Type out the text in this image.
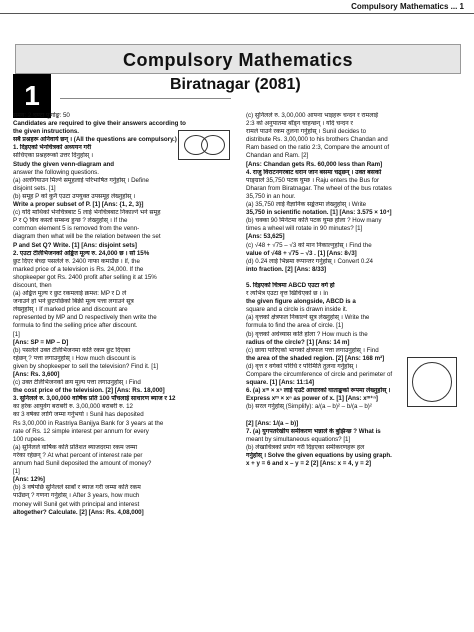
Compulsory Mathematics ... 1
Compulsory Mathematics
1	Biratnagar (2081)
समय: 2 घण्टा पूर्णाङ्क: 50
Candidates are required to give their answers according to
the given instructions.
सबै प्रश्नहरू अनिवार्य छन् । (All the questions are compulsory.)
1. दिइएको भेनचित्रको अध्ययन गरी
सोधिएका प्रश्नहरूको उत्तर दिनुहोस् ।
Study the given venn-diagram and
answer the following questions.
(a) अलगियाउन मिल्ने समूहलाई परिभाषित गर्नुहोस् । Define
disjoint sets. [1]
(b) समूह P को कुनै एउटा उपयुक्त उपसमूह लेख्नुहोस् ।
Write a proper subset of P. [1] [Ans: {1, 2, 3}]
(c) यदि माथिको भेनचित्रबाट 5 लाई भेनचित्रबाट निकाल्ने भने समूह
P र Q बिच कस्तो सम्बन्ध हुन्छ ? लेख्नुहोस् । If the
common element 5 is removed from the venn-
diagram then what will be the relation between the set
P and Set Q? Write. [1] [Ans: disjoint sets]
2. एउटा टेलिभिजनको अङ्कित मूल्य रु. 24,000 छ । सो 15%
छुट दिएर बेच्दा पसलेले रु. 2400 नाफा कमाउँछ । If, the
marked price of a television is Rs. 24,000. If the
shopkeeper got Rs. 2400 profit after selling it at 15%
discount, then
(a) अङ्कित मूल्य र छुट रकमलाई क्रमश: MP र D ले
जनाउने हो भने छुटपछिको बिक्री मूल्य पत्ता लगाउने सूत्र
लेख्नुहोस् । If marked price and discount are
represented by MP and D respectively then write the
formula to find the selling price after discount.
[1]
[Ans: SP = MP – D]
(b) पसलेले उक्त टेलिभिजनमा कति रकम छुट दिएका
रहेछन् ? पत्ता लगाउनुहोस् । How much discount is
given by shopkeeper to sell the television? Find it. [1]
[Ans: Rs. 3,600]
(c) उक्त टेलिभिजनको क्रय मूल्य पत्ता लगाउनुहोस् । Find
the cost price of the television. [2] [Ans: Rs. 18,000]
3. सुनिलले रु. 3,00,000 वार्षिक प्रति 100 पाँचलाई साधारण ब्याज र 12
का हरेक आयुर्वेग बराबरी रु. 3,00,000 बराबरी रु. 12
का 3 वर्षका लागि जम्मा गर्नुभयो । Sunil has deposited
Rs 3,00,000 in Rastriya Banijya Bank for 3 years at the
rate of Rs. 12 simple interest per annum for every
100 rupees.
(a) सुनिलले वार्षिक कति प्रतिशत ब्याजदरमा रकम जम्मा
गरेका रहेछन् ? At what percent of interest rate per
annum had Sunil deposited the amount of money?
[1]
[Ans: 12%]
(b) 3 वर्षपछि सुनिलले साबाँ र ब्याज गरी जम्मा कति रकम
पाउँछन् ? गणना गर्नुहोस् । After 3 years, how much
money will Sunil get with principal and interest
altogether? Calculate. [2] [Ans: Rs. 4,08,000]
(c) सुनिलले रु. 3,00,000 आफ्ना भाइहरू चन्दन र रामलाई
2:3 को अनुपातमा बाँड्न चाहन्छन् । यदि चन्दन र
रामले पाउने रकम तुलना गर्नुहोस् । Sunil decides to
distribute Rs. 3,00,000 to his brothers Chandan and
Ram based on the ratio 2:3, Compare the amount of
Chandan and Ram. [2]
[Ans: Chandan gets Rs. 60,000 less than Ram]
4. राजु विराटनगरबाट धरान जान बसमा चढ्छन् । उक्त बसको
पाङ्ग्राले 35,750 पटक घुम्छ । Raju enters the Bus for
Dharan from Biratnagar. The wheel of the bus rotates
35,750 in an hour.
(a) 35,750 लाई वैज्ञानिक सङ्केतमा लेख्नुहोस् । Write
35,750 in scientific notation. [1] [Ans: 3.575 × 10⁴]
(b) चक्का 90 मिनेटमा कति पटक घुम्छ होला ? How many
times a wheel will rotate in 90 minutes? [1]
[Ans: 53,625]
(c) √48 + √75 – √3 को मान निकाल्नुहोस् । Find the
value of √48 + √75 – √3 . [1] [Ans: 8√3]
(d) 0.2̇4 लाई भिन्नमा रूपान्तर गर्नुहोस् । Convert 0.2̇4
into fraction. [2] [Ans: 8/33]
5. दिइएको चित्रमा ABCD एउटा वर्ग हो
र त्यभित्र एउटा वृत्त खिचिएको छ । In
the given figure alongside, ABCD is a
square and a circle is drawn inside it.
(a) वृत्तको क्षेत्रफल निकाल्ने सूत्र लेख्नुहोस् । Write the
formula to find the area of circle. [1]
(b) वृत्तको अर्धव्यास कति होला ? How much is the
radius of the circle? [1] [Ans: 14 m]
(c) छाया पारिएको भागको क्षेत्रफल पत्ता लगाउनुहोस् । Find
the area of the shaded region. [2] [Ans: 168 m²]
(d) वृत्त र वर्गको परिधि र परिमिति तुलना गर्नुहोस् ।
Compare the circumference of circle and perimeter of
square. [1] [Ans: 11:14]
6. (a) xᵐ × xⁿ लाई एउटै आधारको घाताङ्कको रूपमा लेख्नुहोस् ।
Express xᵐ × xⁿ as power of x. [1] [Ans: xᵐ⁺ⁿ]
(b) सरल गर्नुहोस् (Simplify): a/(a – b)² – b/(a – b)²
[2] [Ans: 1/(a – b)]
7. (a) युगपतरेखीय समीकरण भन्नाले के बुझिन्छ ? What is
meant by simultaneous equations? [1]
(b) लेखाचित्रको प्रयोग गरी दिइएका समीकरणहरू हल
गर्नुहोस् । Solve the given equations by using graph.
x + y = 6 and x – y = 2 [2] [Ans: x = 4, y = 2]
